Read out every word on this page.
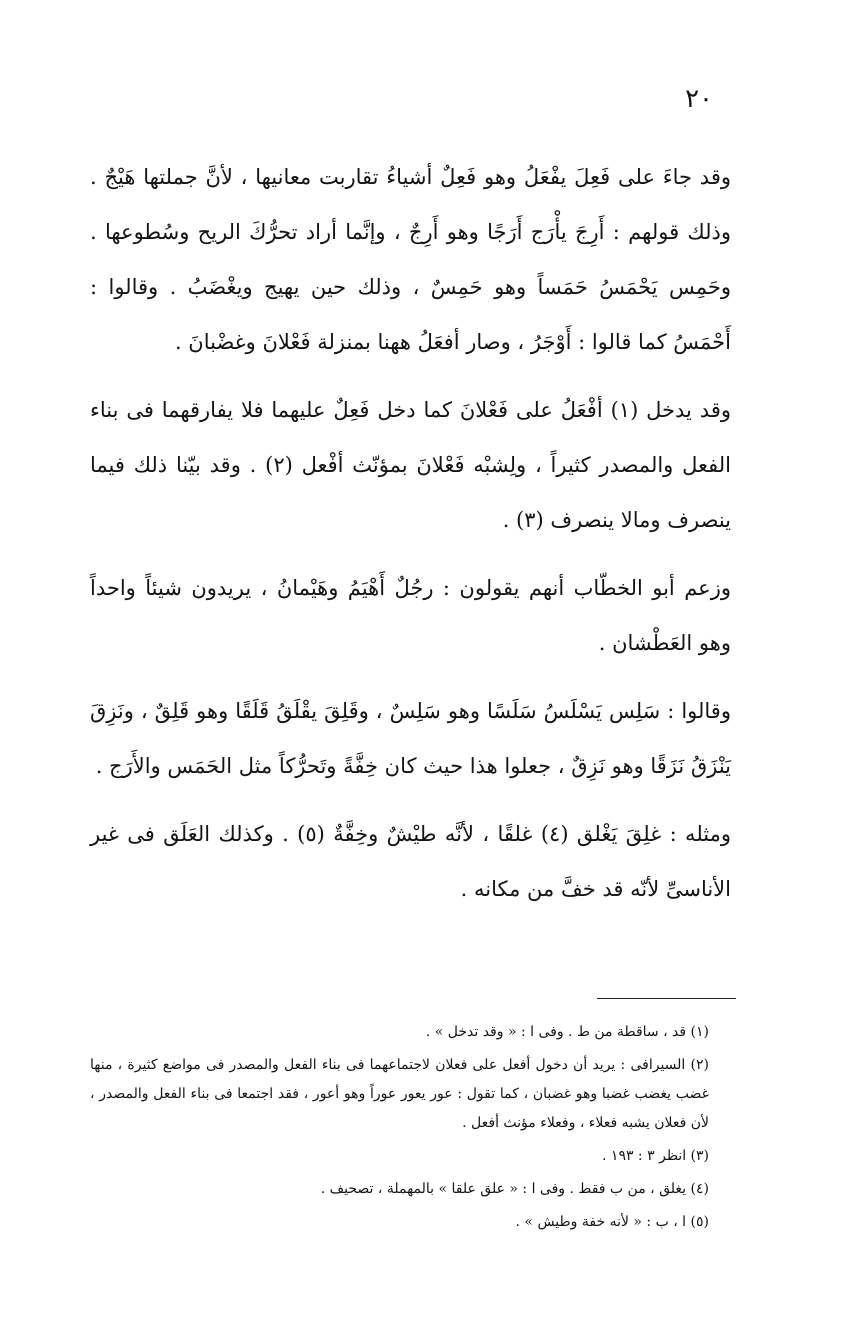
٢٠

وقد جاءَ على فَعِلَ يفْعَلُ وهو فَعِلٌ أشياءُ تقاربت معانيها ، لأنَّ جملتها هَيْجٌ . وذلك قولهم : أَرِجَ يأْرَج أَرَجًا وهو أَرِجٌ ، وإنَّما أراد تحرُّكَ الريح وسُطوعها . وحَمِس يَحْمَسُ حَمَساً وهو حَمِسٌ ، وذلك حين يهيج ويغْضَبُ . وقالوا : أَحْمَسُ كما قالوا : أَوْجَرُ ، وصار أفعَلُ ههنا بمنزلة فَعْلانَ وغضْبانَ .

وقد يدخل (١) أفْعَلُ على فَعْلانَ كما دخل فَعِلٌ عليهما فلا يفارقهما فى بناء الفعل والمصدر كثيراً ، ولِشبْه فَعْلانَ بمؤنّث أفْعل (٢) . وقد بيّنا ذلك فيما ينصرف ومالا ينصرف (٣) .

وزعم أبو الخطّاب أنهم يقولون : رجُلٌ أَهْيَمُ وهَيْمانُ ، يريدون شيئاً واحداً وهو العَطْشان .

وقالوا : سَلِس يَسْلَسُ سَلَسًا وهو سَلِسٌ ، وقَلِقَ يقْلَقُ قَلَقًا وهو قَلِقٌ ، ونَزِقَ يَنْزَقُ نَزَقًا وهو نَزِقٌ ، جعلوا هذا حيث كان خِفَّةً وتَحرُّكاً مثل الحَمَس والأَرَج .

ومثله : غلِقَ يَغْلق (٤) غلقًا ، لأنَّه طيْشٌ وخِفَّةٌ (٥) . وكذلك العَلَق فى غير الأناسىِّ لأنّه قد خفَّ من مكانه .

(١) قد ، ساقطة من ط . وفى ا : « وقد تدخل » .

(٢) السيرافى : يريد أن دخول أفعل على فعلان لاجتماعهما فى بناء الفعل والمصدر فى مواضع كثيرة ، منها غضب يغضب غضبا وهو غضبان ، كما تقول : عور يعور عوراً وهو أعور ، فقد اجتمعا فى بناء الفعل والمصدر ، لأن فعلان يشبه فعلاء ، وفعلاء مؤنث أفعل .

(٣) انظر ٣ : ١٩٣ .

(٤) يغلق ، من ب فقط . وفى ا : « علق علقا » بالمهملة ، تصحيف .

(٥) ا ، ب : « لأنه خفة وطيش » .
